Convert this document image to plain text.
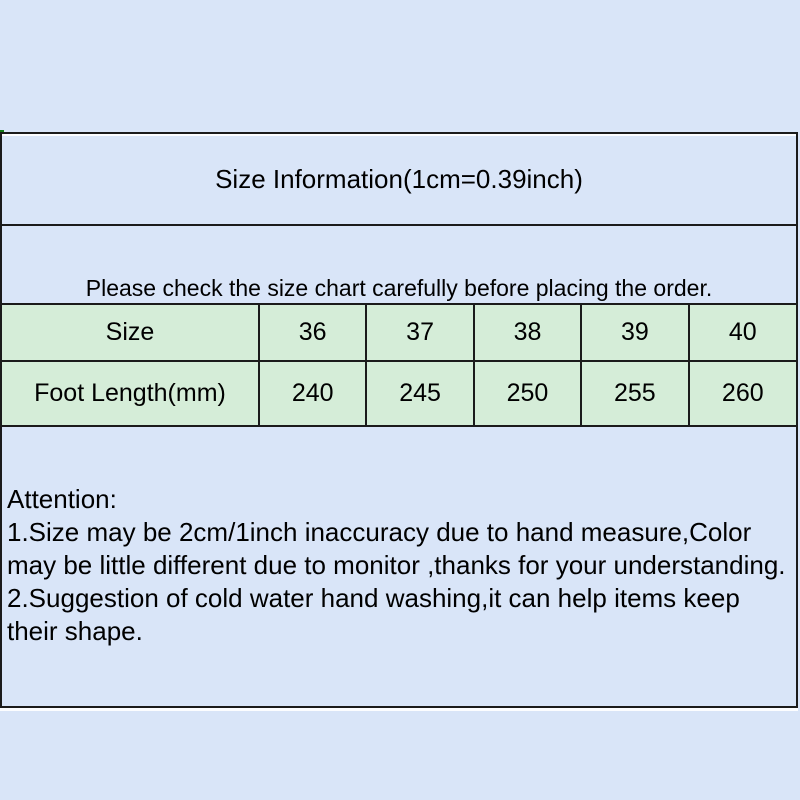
Size Information(1cm=0.39inch)
Please check the size chart carefully before placing the order.
Size	36	37	38	39	40
Foot Length(mm)	240	245	250	255	260
Attention:
1.Size may be 2cm/1inch inaccuracy due to hand measure,Color
may be little different due to monitor ,thanks for your understanding.
2.Suggestion of cold water hand washing,it can help items keep
their shape.
